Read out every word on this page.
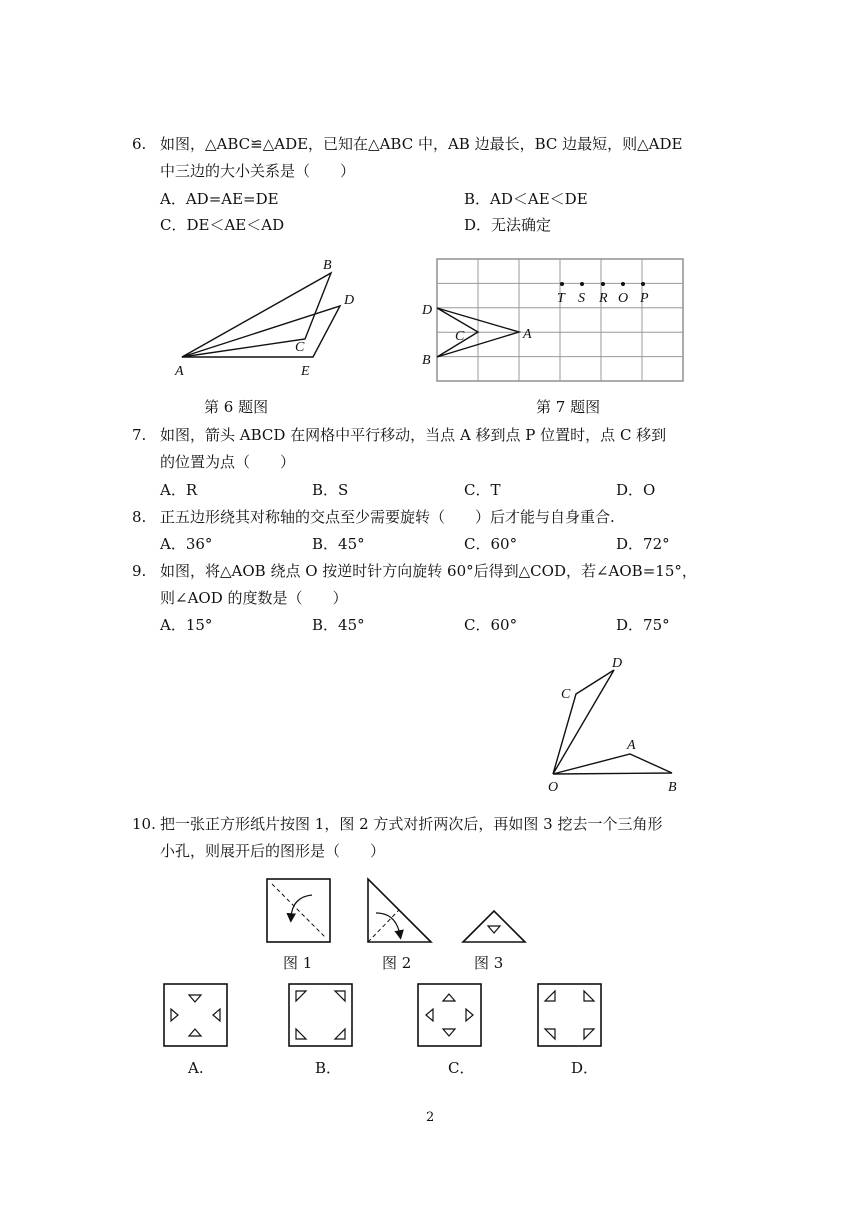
6. 如图，△ABC≌△ADE，已知在△ABC 中，AB 边最长，BC 边最短，则△ADE
中三边的大小关系是（　　）
A．AD=AE=DE	B．AD＜AE＜DE
C．DE＜AE＜AD	D．无法确定
A
B
C
D
E
第 6 题图
T S R O P
D
C	A
B
第 7 题图
7. 如图，箭头 ABCD 在网格中平行移动，当点 A 移到点 P 位置时，点 C 移到
的位置为点（　　）
A．R	B．S	C．T	D．O
8. 正五边形绕其对称轴的交点至少需要旋转（　　）后才能与自身重合.
A．36°	B．45°	C．60°	D．72°
9. 如图，将△AOB 绕点 O 按逆时针方向旋转 60°后得到△COD，若∠AOB=15°，
则∠AOD 的度数是（　　）
A．15°	B．45°	C．60°	D．75°
O
A
B
C
D
10. 把一张正方形纸片按图 1，图 2 方式对折两次后，再如图 3 挖去一个三角形
小孔，则展开后的图形是（　　）
图 1	图 2	图 3
A.	B．	C．	D．
2
